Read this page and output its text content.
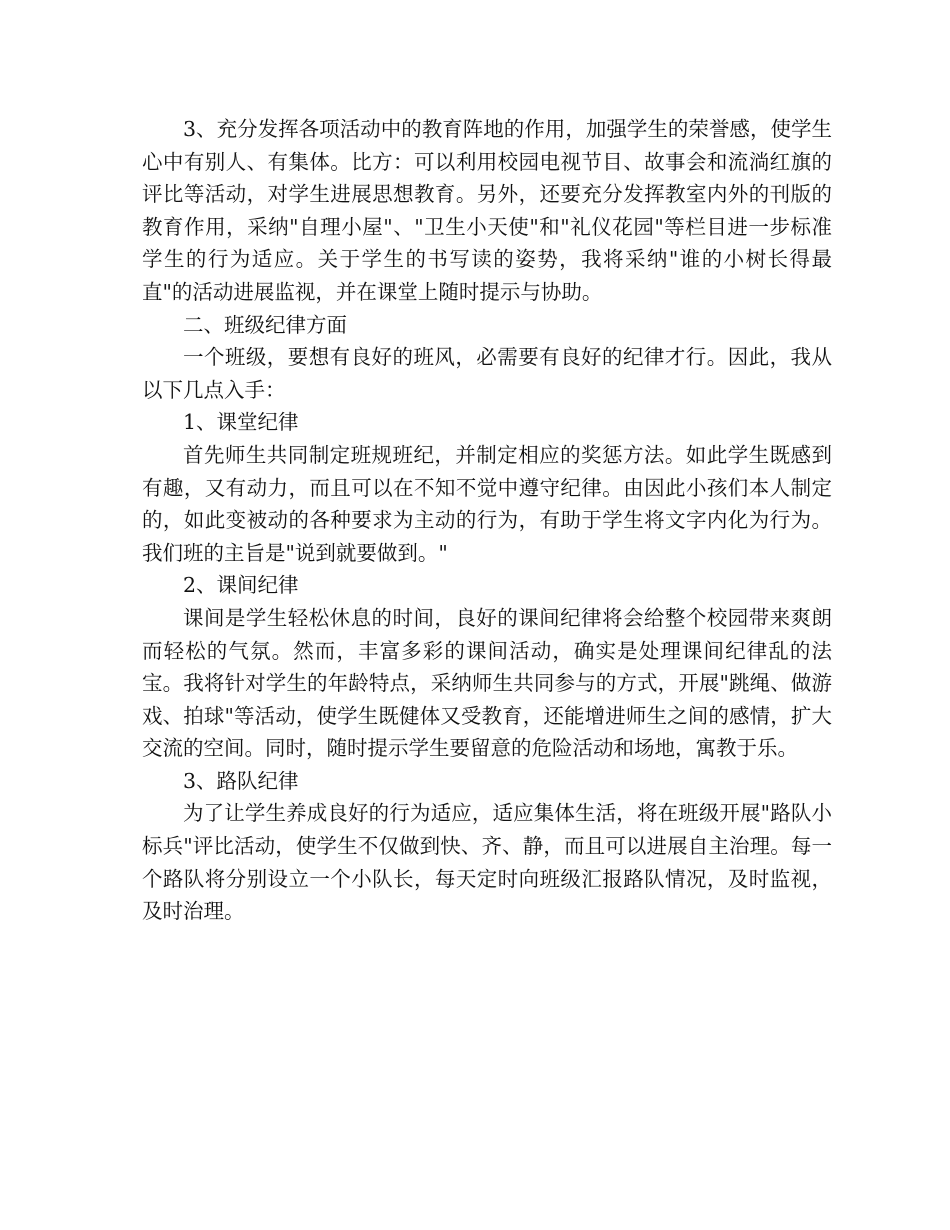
3、充分发挥各项活动中的教育阵地的作用，加强学生的荣誉感，使学生心中有别人、有集体。比方：可以利用校园电视节目、故事会和流淌红旗的评比等活动，对学生进展思想教育。另外，还要充分发挥教室内外的刊版的教育作用，采纳"自理小屋"、"卫生小天使"和"礼仪花园"等栏目进一步标准学生的行为适应。关于学生的书写读的姿势，我将采纳"谁的小树长得最直"的活动进展监视，并在课堂上随时提示与协助。

二、班级纪律方面

一个班级，要想有良好的班风，必需要有良好的纪律才行。因此，我从以下几点入手：

1、课堂纪律

首先师生共同制定班规班纪，并制定相应的奖惩方法。如此学生既感到有趣，又有动力，而且可以在不知不觉中遵守纪律。由因此小孩们本人制定的，如此变被动的各种要求为主动的行为，有助于学生将文字内化为行为。我们班的主旨是"说到就要做到。"

2、课间纪律

课间是学生轻松休息的时间，良好的课间纪律将会给整个校园带来爽朗而轻松的气氛。然而，丰富多彩的课间活动，确实是处理课间纪律乱的法宝。我将针对学生的年龄特点，采纳师生共同参与的方式，开展"跳绳、做游戏、拍球"等活动，使学生既健体又受教育，还能增进师生之间的感情，扩大交流的空间。同时，随时提示学生要留意的危险活动和场地，寓教于乐。

3、路队纪律

为了让学生养成良好的行为适应，适应集体生活，将在班级开展"路队小标兵"评比活动，使学生不仅做到快、齐、静，而且可以进展自主治理。每一个路队将分别设立一个小队长，每天定时向班级汇报路队情况，及时监视，及时治理。
